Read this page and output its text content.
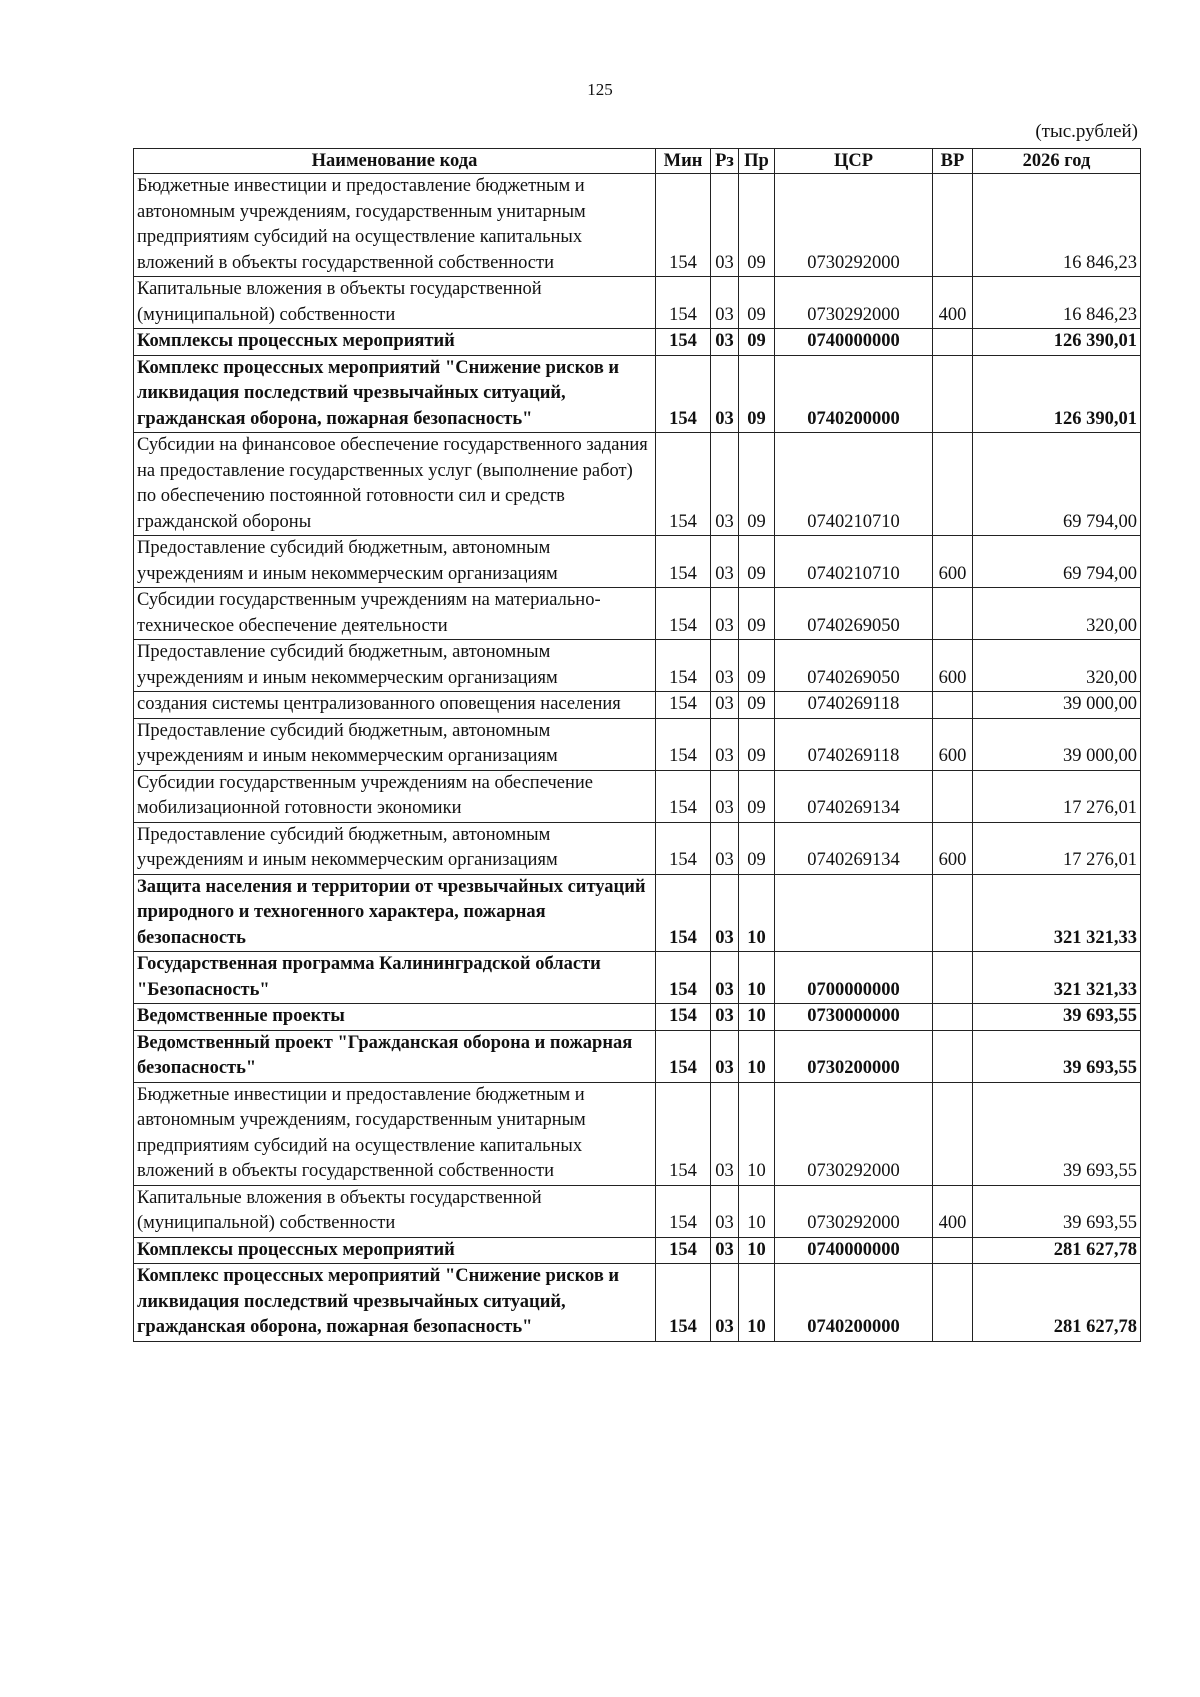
125
(тыс.рублей)
Наименование кода	Мин	Рз	Пр	ЦСР	ВР	2026 год
Бюджетные инвестиции и предоставление бюджетным и автономным учреждениям, государственным унитарным предприятиям субсидий на осуществление капитальных вложений в объекты государственной собственности	154	03	09	0730292000		16 846,23
Капитальные вложения в объекты государственной (муниципальной) собственности	154	03	09	0730292000	400	16 846,23
Комплексы процессных мероприятий	154	03	09	0740000000		126 390,01
Комплекс процессных мероприятий "Снижение рисков и ликвидация последствий чрезвычайных ситуаций, гражданская оборона, пожарная безопасность"	154	03	09	0740200000		126 390,01
Субсидии на финансовое обеспечение государственного задания на предоставление государственных услуг (выполнение работ) по обеспечению постоянной готовности сил и средств гражданской обороны	154	03	09	0740210710		69 794,00
Предоставление субсидий бюджетным, автономным учреждениям и иным некоммерческим организациям	154	03	09	0740210710	600	69 794,00
Субсидии государственным учреждениям на материально-техническое обеспечение деятельности	154	03	09	0740269050		320,00
Предоставление субсидий бюджетным, автономным учреждениям и иным некоммерческим организациям	154	03	09	0740269050	600	320,00
создания системы централизованного оповещения населения	154	03	09	0740269118		39 000,00
Предоставление субсидий бюджетным, автономным учреждениям и иным некоммерческим организациям	154	03	09	0740269118	600	39 000,00
Субсидии государственным учреждениям на обеспечение мобилизационной готовности экономики	154	03	09	0740269134		17 276,01
Предоставление субсидий бюджетным, автономным учреждениям и иным некоммерческим организациям	154	03	09	0740269134	600	17 276,01
Защита населения и территории от чрезвычайных ситуаций природного и техногенного характера, пожарная безопасность	154	03	10			321 321,33
Государственная программа Калининградской области "Безопасность"	154	03	10	0700000000		321 321,33
Ведомственные проекты	154	03	10	0730000000		39 693,55
Ведомственный проект "Гражданская оборона и пожарная безопасность"	154	03	10	0730200000		39 693,55
Бюджетные инвестиции и предоставление бюджетным и автономным учреждениям, государственным унитарным предприятиям субсидий на осуществление капитальных вложений в объекты государственной собственности	154	03	10	0730292000		39 693,55
Капитальные вложения в объекты государственной (муниципальной) собственности	154	03	10	0730292000	400	39 693,55
Комплексы процессных мероприятий	154	03	10	0740000000		281 627,78
Комплекс процессных мероприятий "Снижение рисков и ликвидация последствий чрезвычайных ситуаций, гражданская оборона, пожарная безопасность"	154	03	10	0740200000		281 627,78
